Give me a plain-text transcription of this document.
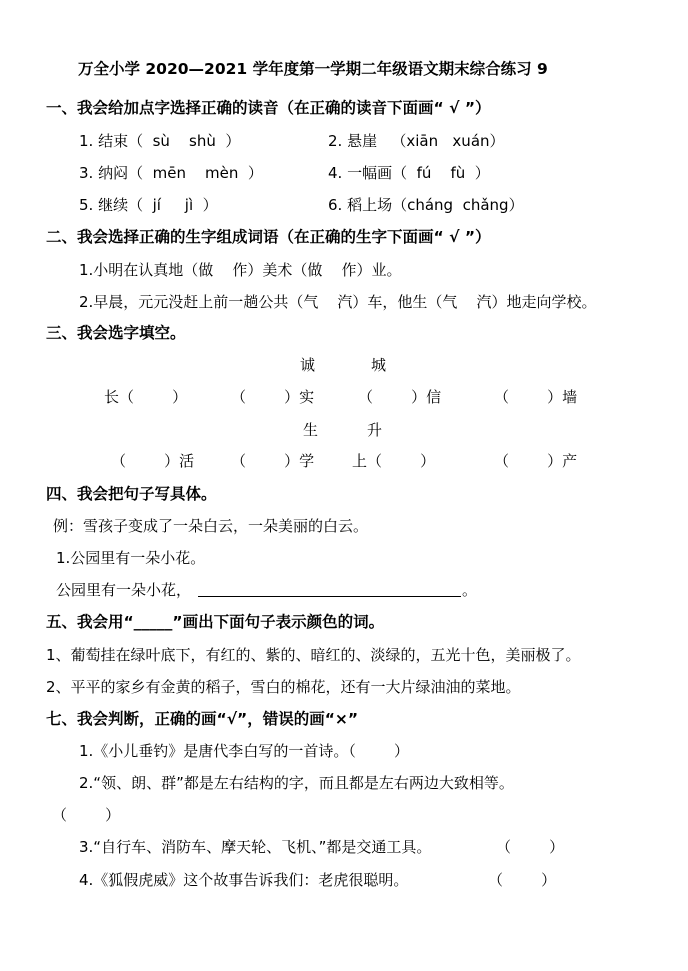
万全小学 2020—2021 学年度第一学期二年级语文期末综合练习 9
一、我会给加点字选择正确的读音（在正确的读音下面画“ √ ”）
1. 结束（  sù    shù  ）	2. 悬崖   （xiān   xuán）
3. 纳闷（  mēn    mèn  ）	4. 一幅画（  fú    fù  ）
5. 继续（  jí     jì  ）	6. 稻上场（cháng  chǎng）
二、我会选择正确的生字组成词语（在正确的生字下面画“ √ ”）
1.小明在认真地（做    作）美术（做    作）业。
2.早晨，元元没赶上前一趟公共（气    汽）车，他生（气    汽）地走向学校。
三、我会选字填空。
诚	城
长（        ）	（        ）实	（        ）信	（        ）墙
生	升
（        ）活 （        ）学	上（        ）	（        ）产
四、我会把句子写具体。
例：雪孩子变成了一朵白云，一朵美丽的白云。
1.公园里有一朵小花。
公园里有一朵小花，	。
五、我会用“_____”画出下面句子表示颜色的词。
1、葡萄挂在绿叶底下，有红的、紫的、暗红的、淡绿的，五光十色，美丽极了。
2、平平的家乡有金黄的稻子，雪白的棉花，还有一大片绿油油的菜地。
七、我会判断，正确的画“√”，错误的画“×”
1.《小儿垂钓》是唐代李白写的一首诗。（        ）
2.“领、朗、群”都是左右结构的字，而且都是左右两边大致相等。
（        ）
3.“自行车、消防车、摩天轮、飞机、”都是交通工具。	（        ）
4.《狐假虎威》这个故事告诉我们：老虎很聪明。	（        ）
